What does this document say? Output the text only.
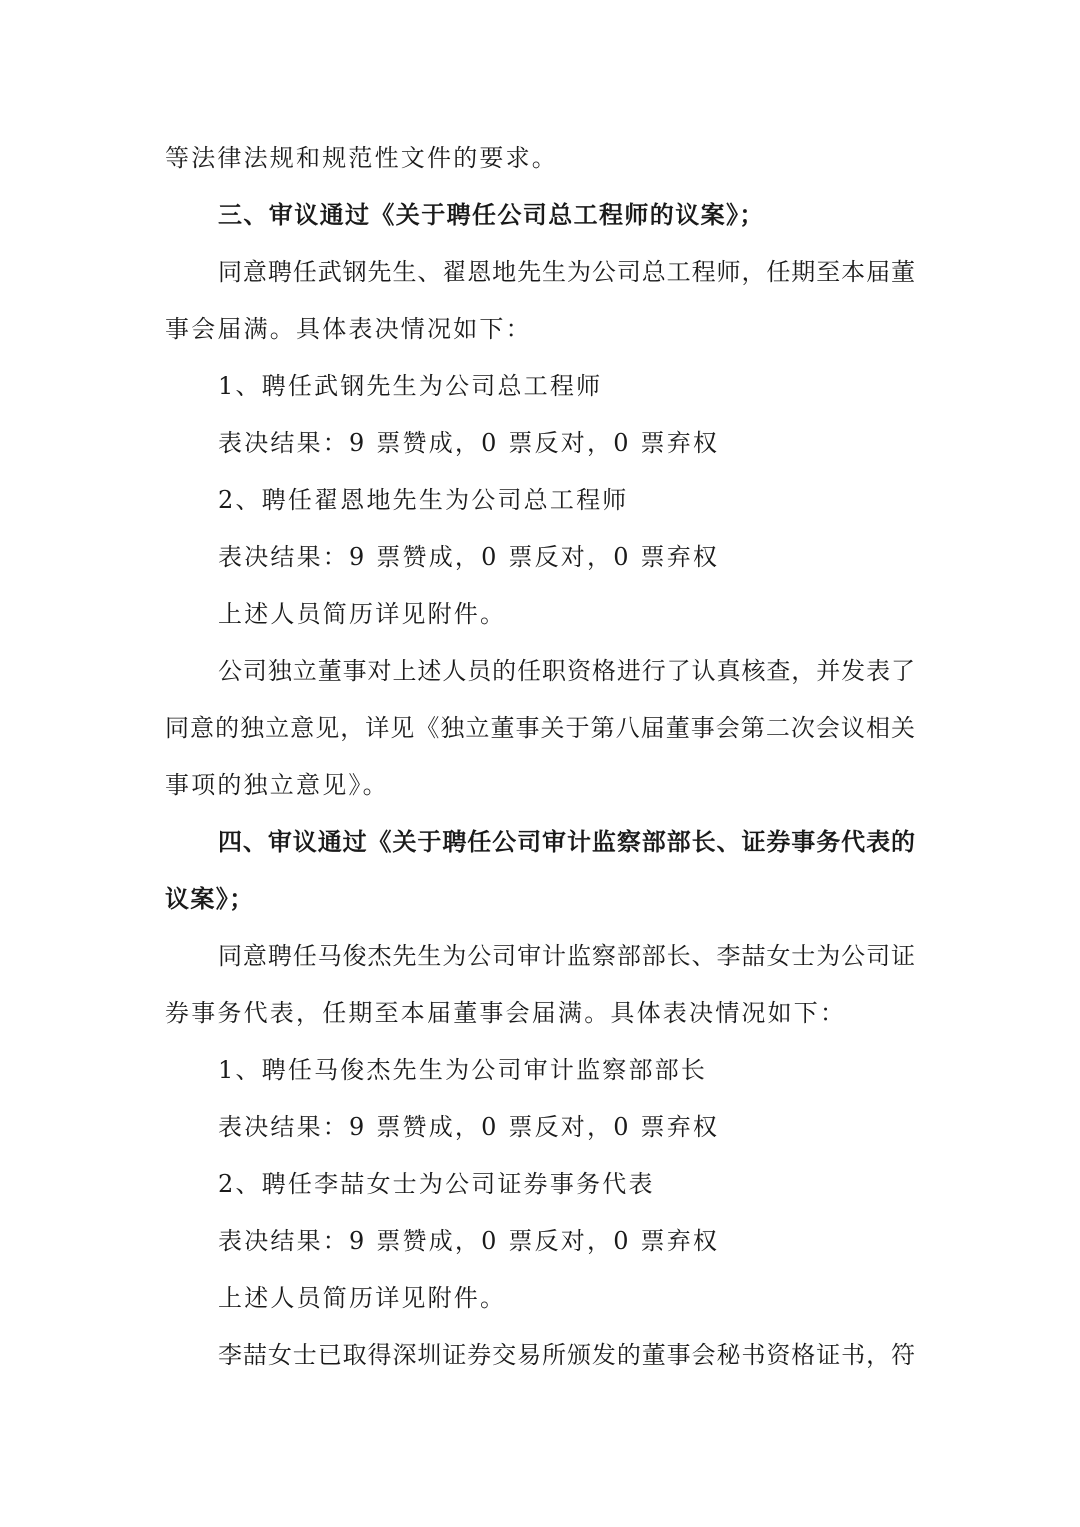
等法律法规和规范性文件的要求。
三、审议通过《关于聘任公司总工程师的议案》；
同意聘任武钢先生、翟恩地先生为公司总工程师，任期至本届董
事会届满。具体表决情况如下：
1、聘任武钢先生为公司总工程师
表决结果：9 票赞成，0 票反对，0 票弃权
2、聘任翟恩地先生为公司总工程师
表决结果：9 票赞成，0 票反对，0 票弃权
上述人员简历详见附件。
公司独立董事对上述人员的任职资格进行了认真核查，并发表了
同意的独立意见，详见《独立董事关于第八届董事会第二次会议相关
事项的独立意见》。
四、审议通过《关于聘任公司审计监察部部长、证券事务代表的
议案》；
同意聘任马俊杰先生为公司审计监察部部长、李喆女士为公司证
券事务代表，任期至本届董事会届满。具体表决情况如下：
1、聘任马俊杰先生为公司审计监察部部长
表决结果：9 票赞成，0 票反对，0 票弃权
2、聘任李喆女士为公司证券事务代表
表决结果：9 票赞成，0 票反对，0 票弃权
上述人员简历详见附件。
李喆女士已取得深圳证券交易所颁发的董事会秘书资格证书，符
